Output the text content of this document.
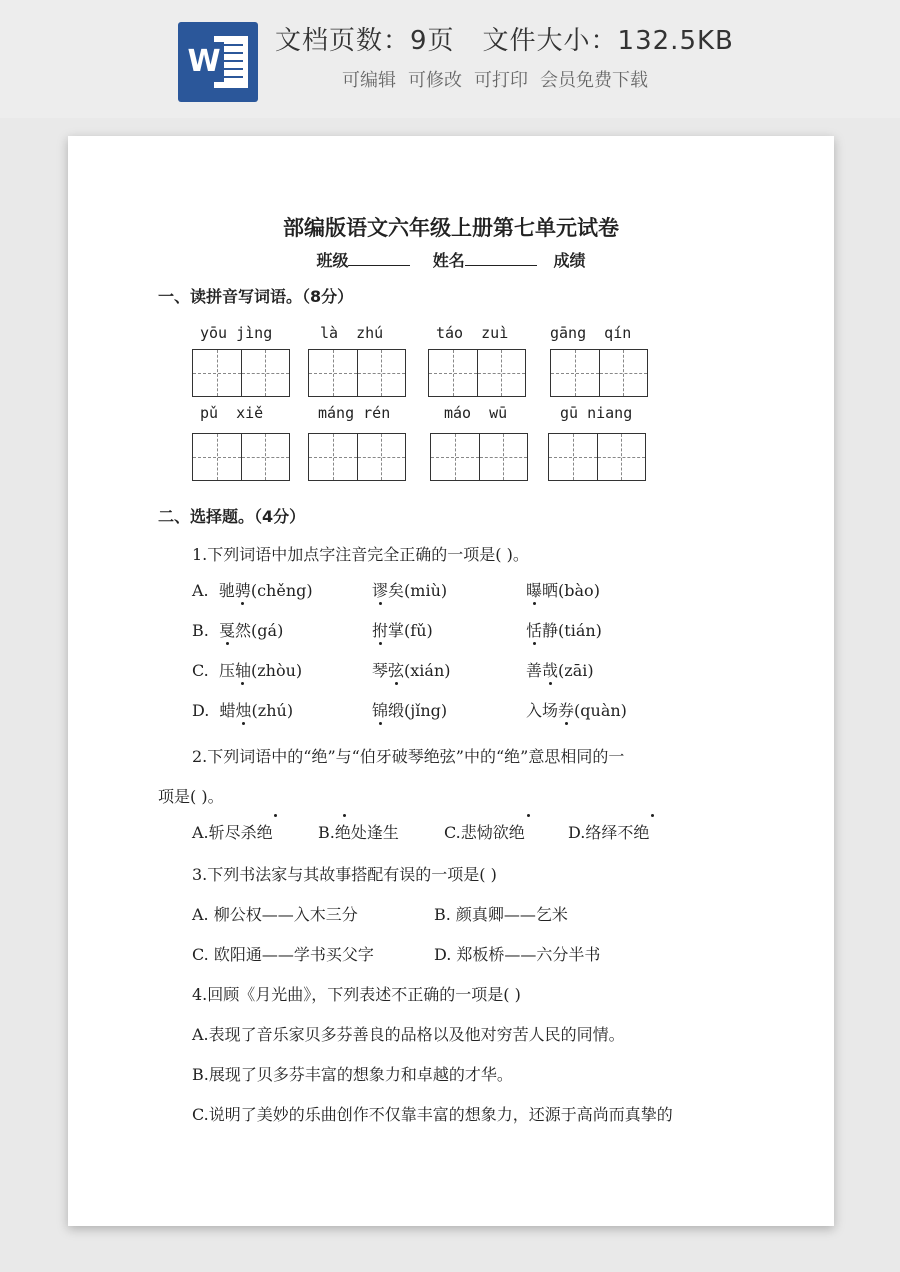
W
文档页数：9页 文件大小：132.5KB
可编辑 可修改 可打印 会员免费下载
部编版语文六年级上册第七单元试卷
班级	姓名	成绩
一、读拼音写词语。（8分）
yōu jìng	là  zhú	táo  zuì	gāng  qín
pǔ  xiě	máng rén	máo  wū	gū niang
二、选择题。（4分）
1.下列词语中加点字注音完全正确的一项是( )。
A. 驰骋(chěng)	谬矣(miù)	曝晒(bào)
B. 戛然(gá)	拊掌(fǔ)	恬静(tián)
C. 压轴(zhòu)	琴弦(xián)	善哉(zāi)
D. 蜡烛(zhú)	锦缎(jǐng)	入场券(quàn)
2.下列词语中的“绝”与“伯牙破琴绝弦”中的“绝”意思相同的一
项是( )。
A.斩尽杀绝	B.绝处逢生	C.悲恸欲绝	D.络绎不绝
3.下列书法家与其故事搭配有误的一项是( )
A. 柳公权——入木三分	B. 颜真卿——乞米
C. 欧阳通——学书买父字	D. 郑板桥——六分半书
4.回顾《月光曲》，下列表述不正确的一项是( )
A.表现了音乐家贝多芬善良的品格以及他对穷苦人民的同情。
B.展现了贝多芬丰富的想象力和卓越的才华。
C.说明了美妙的乐曲创作不仅靠丰富的想象力，还源于高尚而真挚的
